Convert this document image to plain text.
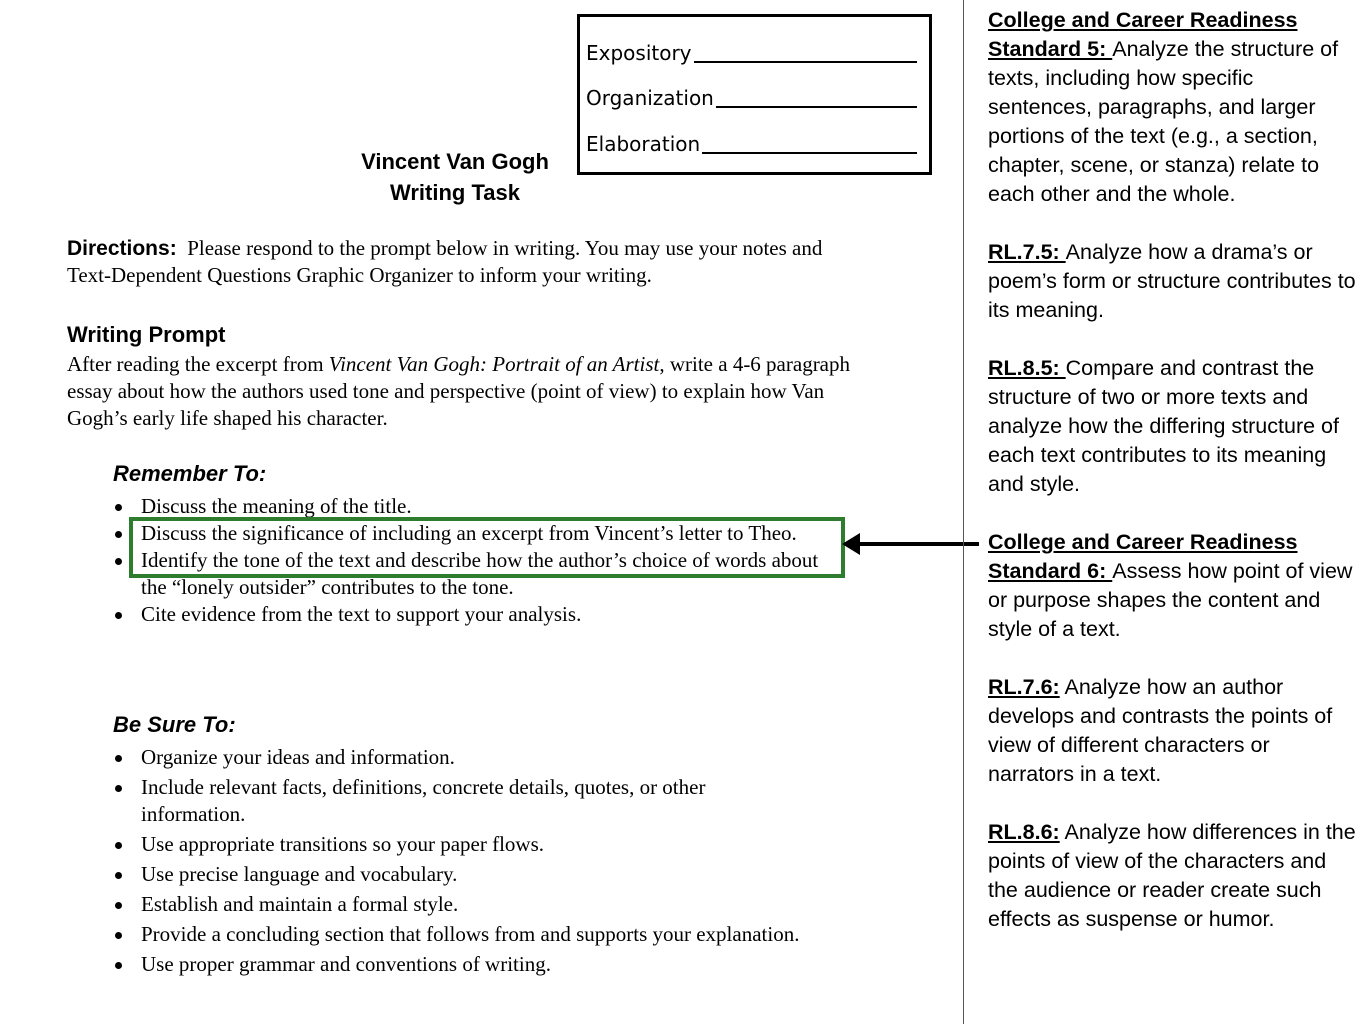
Expository
Organization
Elaboration
Vincent Van Gogh
Writing Task
Directions: Please respond to the prompt below in writing. You may use your notes and Text-Dependent Questions Graphic Organizer to inform your writing.
Writing Prompt
After reading the excerpt from Vincent Van Gogh: Portrait of an Artist, write a 4-6 paragraph essay about how the authors used tone and perspective (point of view) to explain how Van Gogh’s early life shaped his character.
Remember To:
Discuss the meaning of the title.
Discuss the significance of including an excerpt from Vincent’s letter to Theo.
Identify the tone of the text and describe how the author’s choice of words about the “lonely outsider” contributes to the tone.
Cite evidence from the text to support your analysis.
Be Sure To:
Organize your ideas and information.
Include relevant facts, definitions, concrete details, quotes, or other information.
Use appropriate transitions so your paper flows.
Use precise language and vocabulary.
Establish and maintain a formal style.
Provide a concluding section that follows from and supports your explanation.
Use proper grammar and conventions of writing.
College and Career Readiness Standard 5: Analyze the structure of texts, including how specific sentences, paragraphs, and larger portions of the text (e.g., a section, chapter, scene, or stanza) relate to each other and the whole.
RL.7.5: Analyze how a drama’s or poem’s form or structure contributes to its meaning.
RL.8.5: Compare and contrast the structure of two or more texts and analyze how the differing structure of each text contributes to its meaning and style.
College and Career Readiness Standard 6: Assess how point of view or purpose shapes the content and style of a text.
RL.7.6: Analyze how an author develops and contrasts the points of view of different characters or narrators in a text.
RL.8.6: Analyze how differences in the points of view of the characters and the audience or reader create such effects as suspense or humor.
